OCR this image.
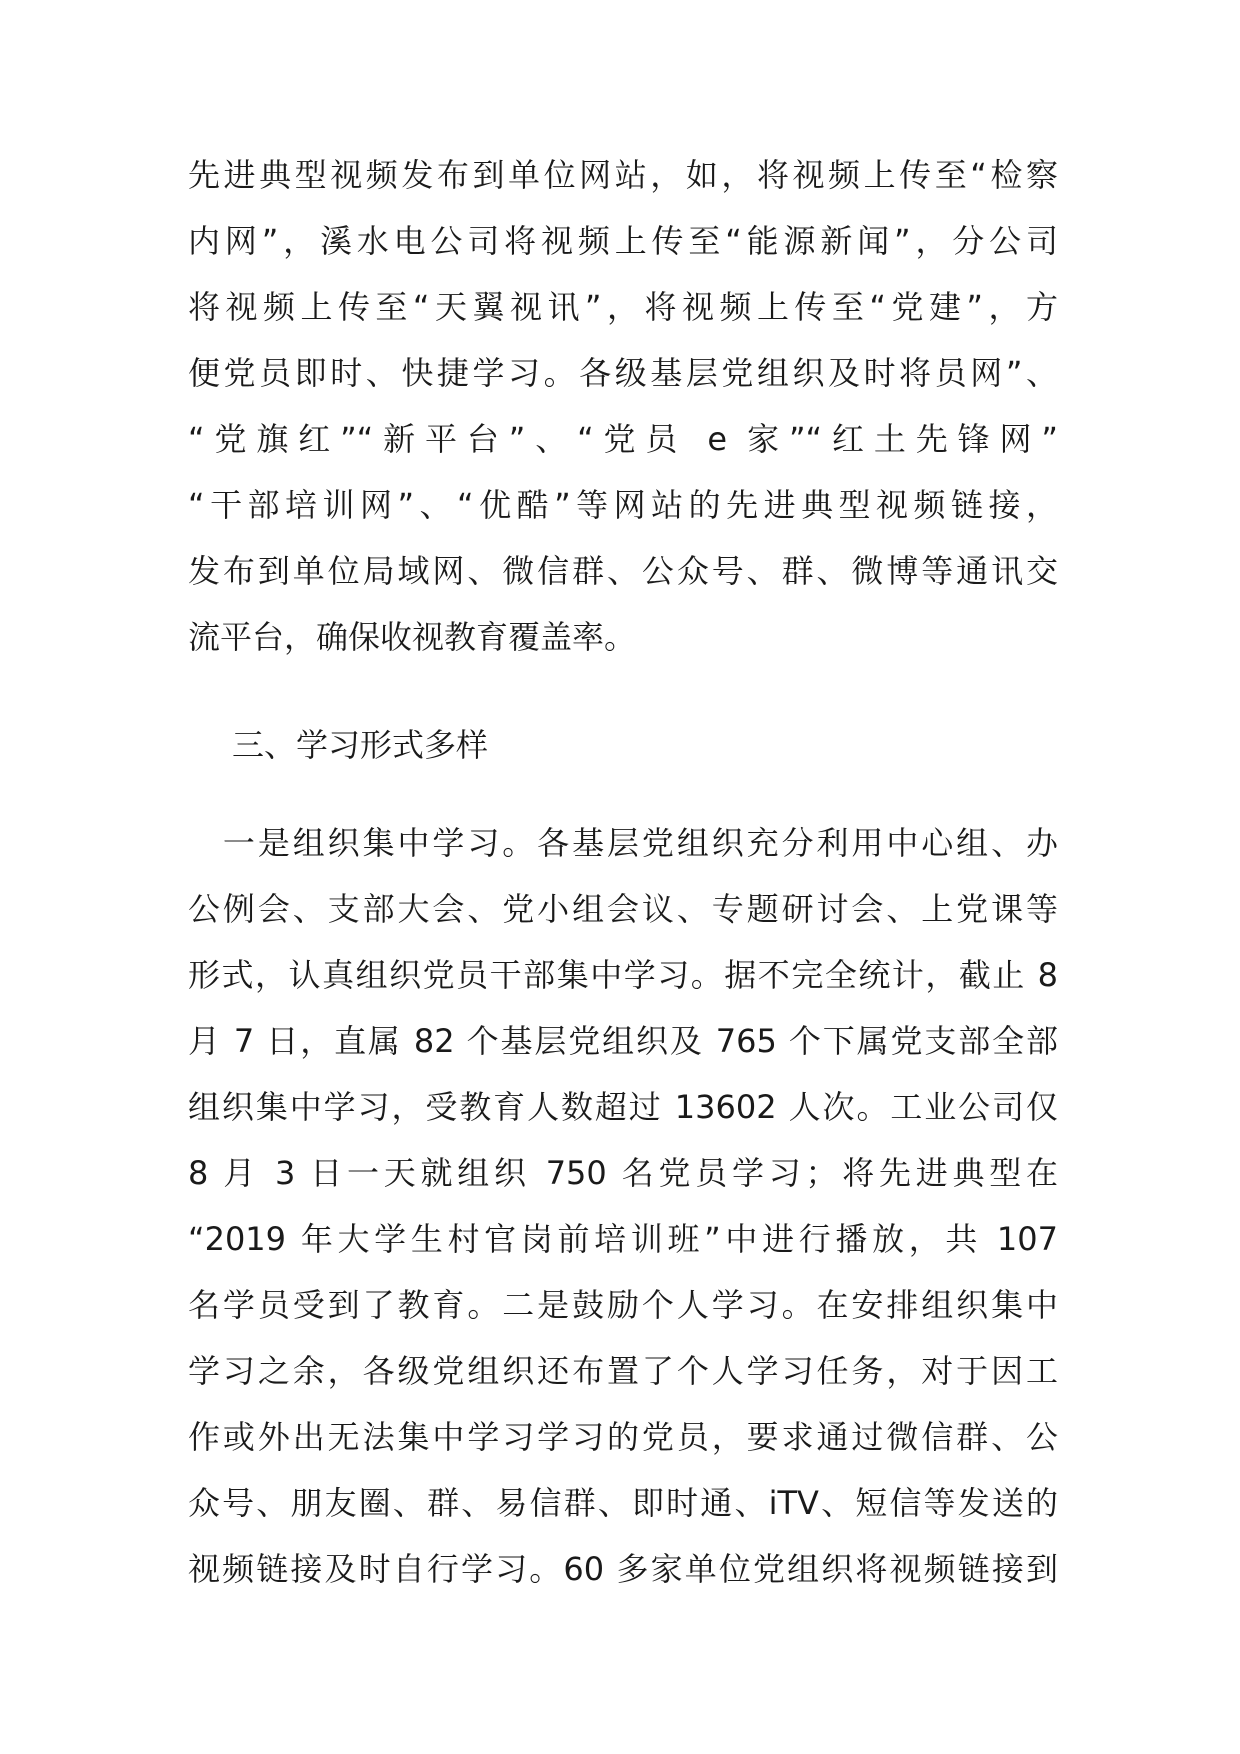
先进典型视频发布到单位网站，如，将视频上传至“检察
内网”，溪水电公司将视频上传至“能源新闻”，分公司
将视频上传至“天翼视讯”，将视频上传至“党建”，方
便党员即时、快捷学习。各级基层党组织及时将员网”、
“党旗红”“新平台”、“党员 e 家”“红土先锋网”
“干部培训网”、“优酷”等网站的先进典型视频链接，
发布到单位局域网、微信群、公众号、群、微博等通讯交
流平台，确保收视教育覆盖率。
三、学习形式多样
　一是组织集中学习。各基层党组织充分利用中心组、办
公例会、支部大会、党小组会议、专题研讨会、上党课等
形式，认真组织党员干部集中学习。据不完全统计，截止 8
月 7 日，直属 82 个基层党组织及 765 个下属党支部全部
组织集中学习，受教育人数超过 13602 人次。工业公司仅
8 月 3 日一天就组织 750 名党员学习；将先进典型在
“2019 年大学生村官岗前培训班”中进行播放，共 107
名学员受到了教育。二是鼓励个人学习。在安排组织集中
学习之余，各级党组织还布置了个人学习任务，对于因工
作或外出无法集中学习学习的党员，要求通过微信群、公
众号、朋友圈、群、易信群、即时通、iTV、短信等发送的
视频链接及时自行学习。60 多家单位党组织将视频链接到
